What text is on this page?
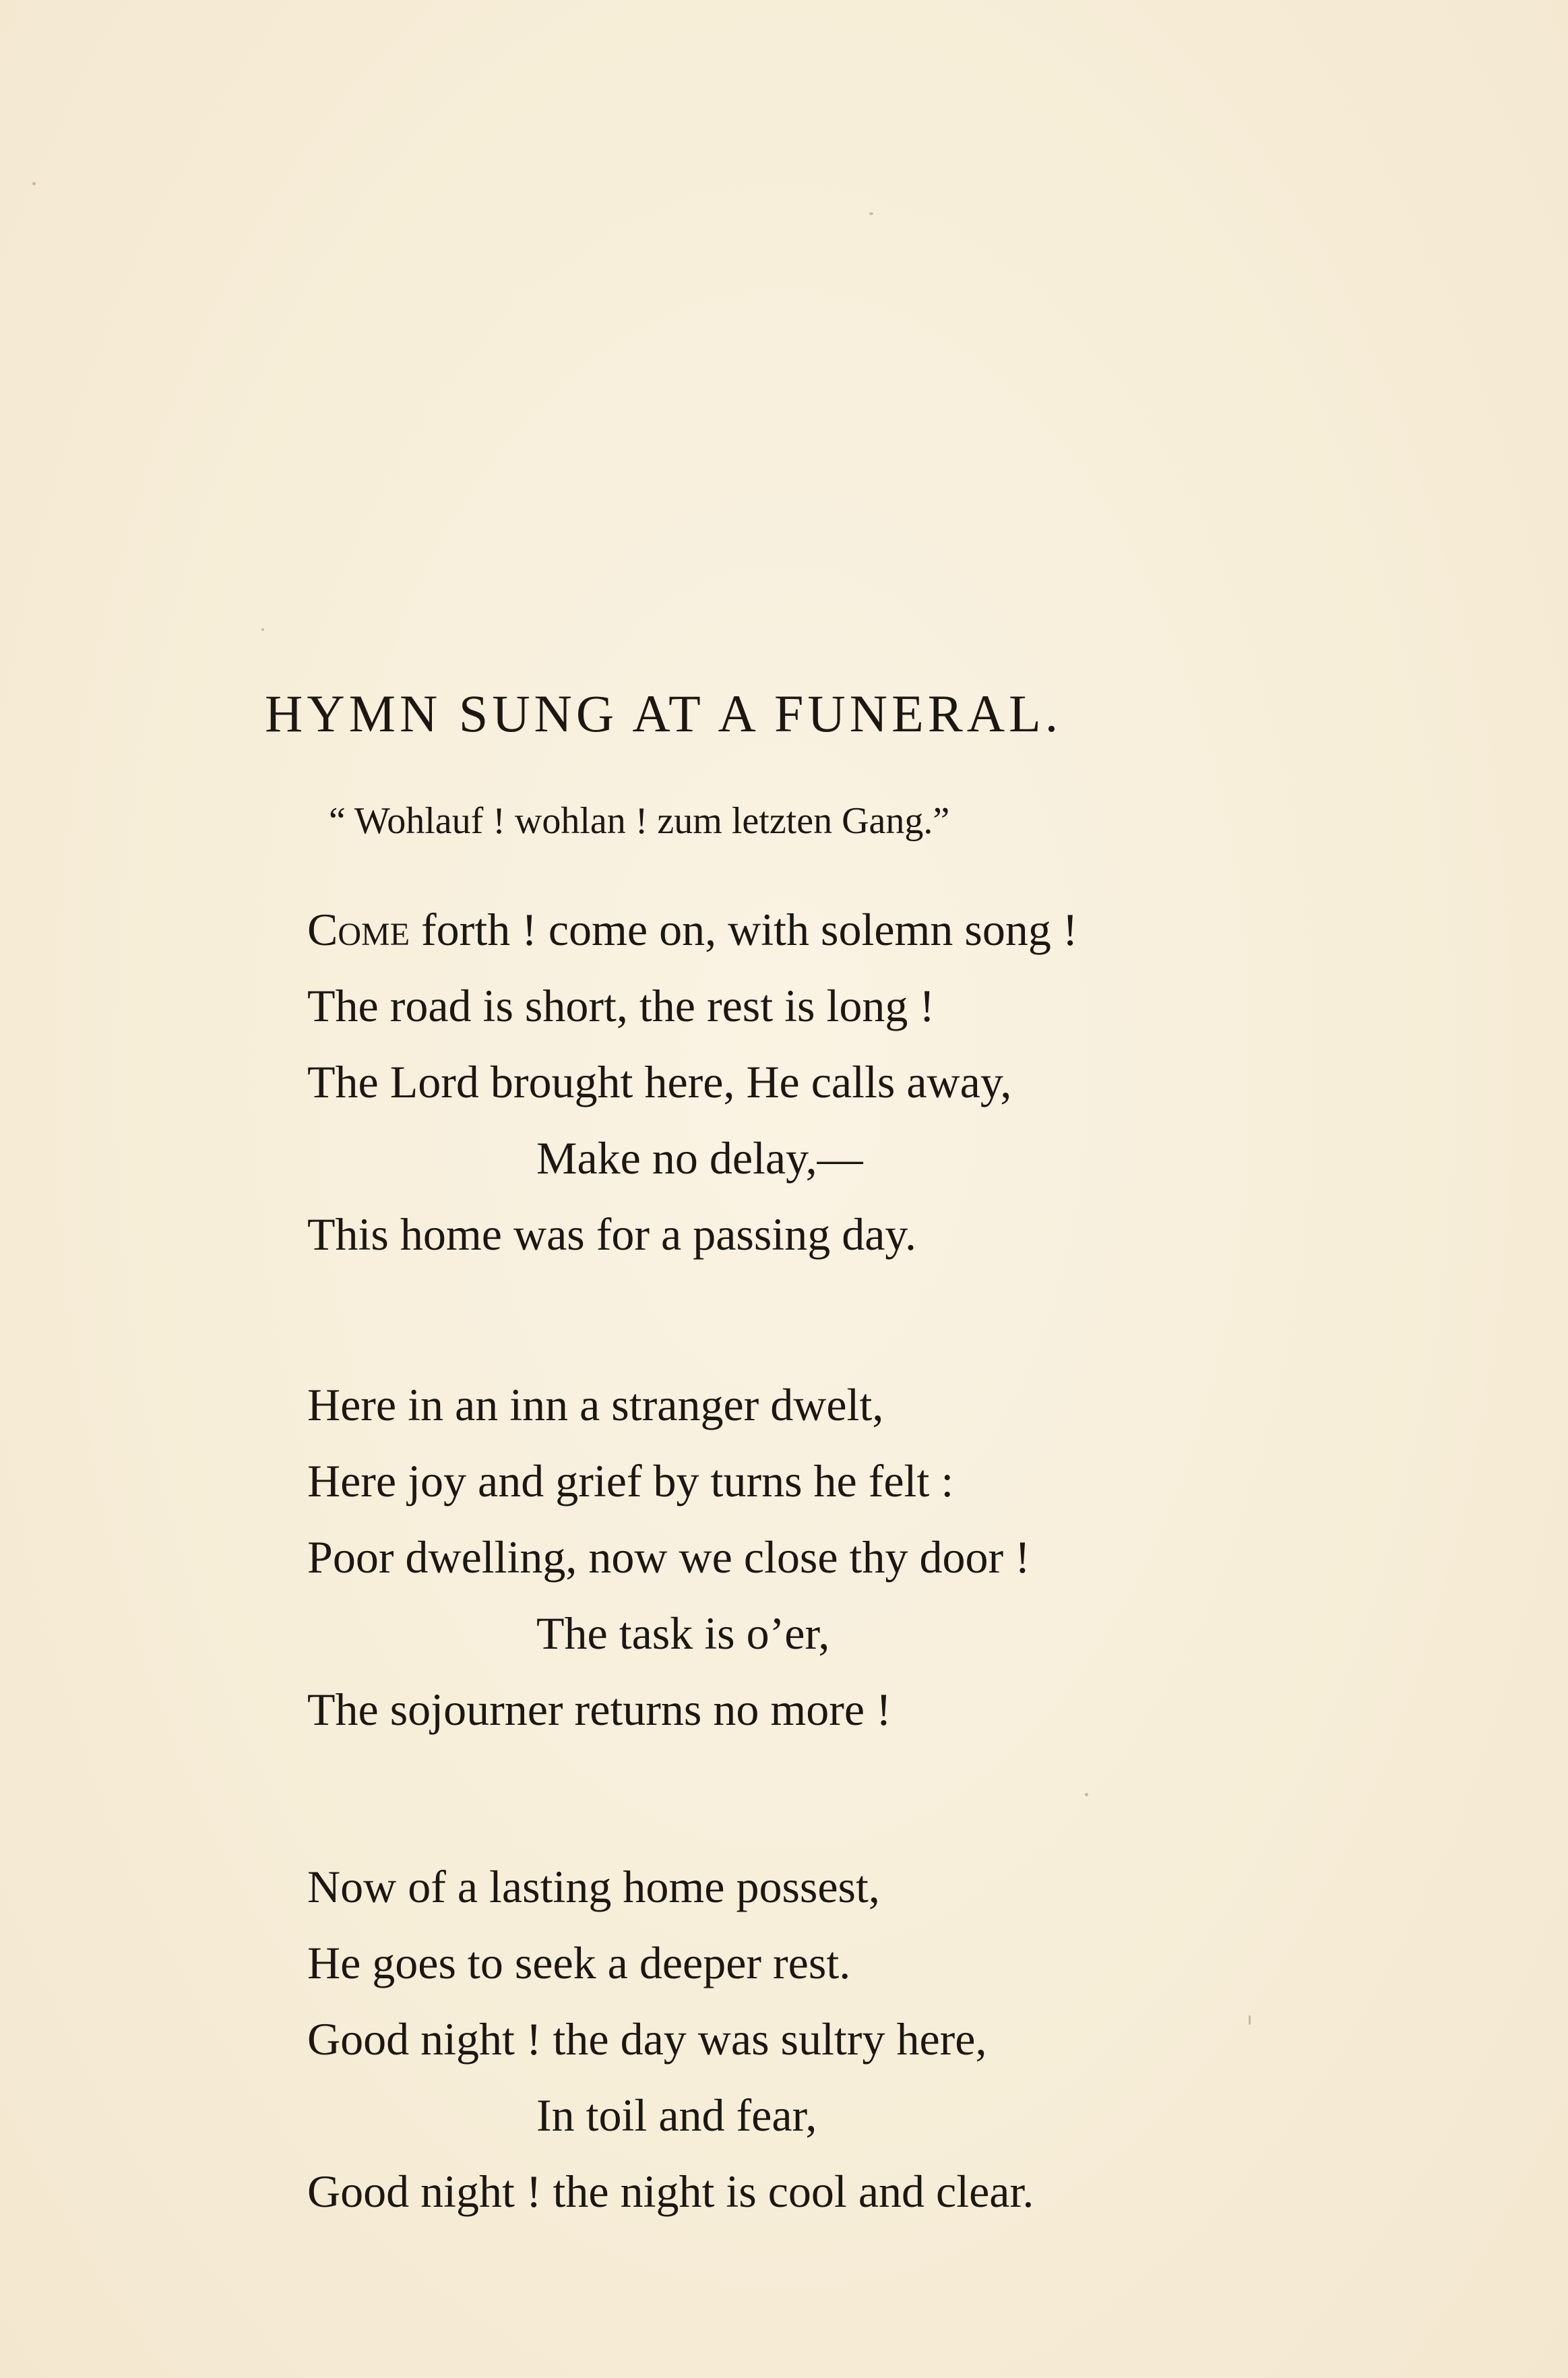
HYMN SUNG AT A FUNERAL.

“ Wohlauf ! wohlan ! zum letzten Gang.”

Come forth ! come on, with solemn song !
The road is short, the rest is long !
The Lord brought here, He calls away,
Make no delay,—
This home was for a passing day.
Here in an inn a stranger dwelt,
Here joy and grief by turns he felt :
Poor dwelling, now we close thy door !
The task is o’er,
The sojourner returns no more !
Now of a lasting home possest,
He goes to seek a deeper rest.
Good night ! the day was sultry here,
In toil and fear,
Good night ! the night is cool and clear.
